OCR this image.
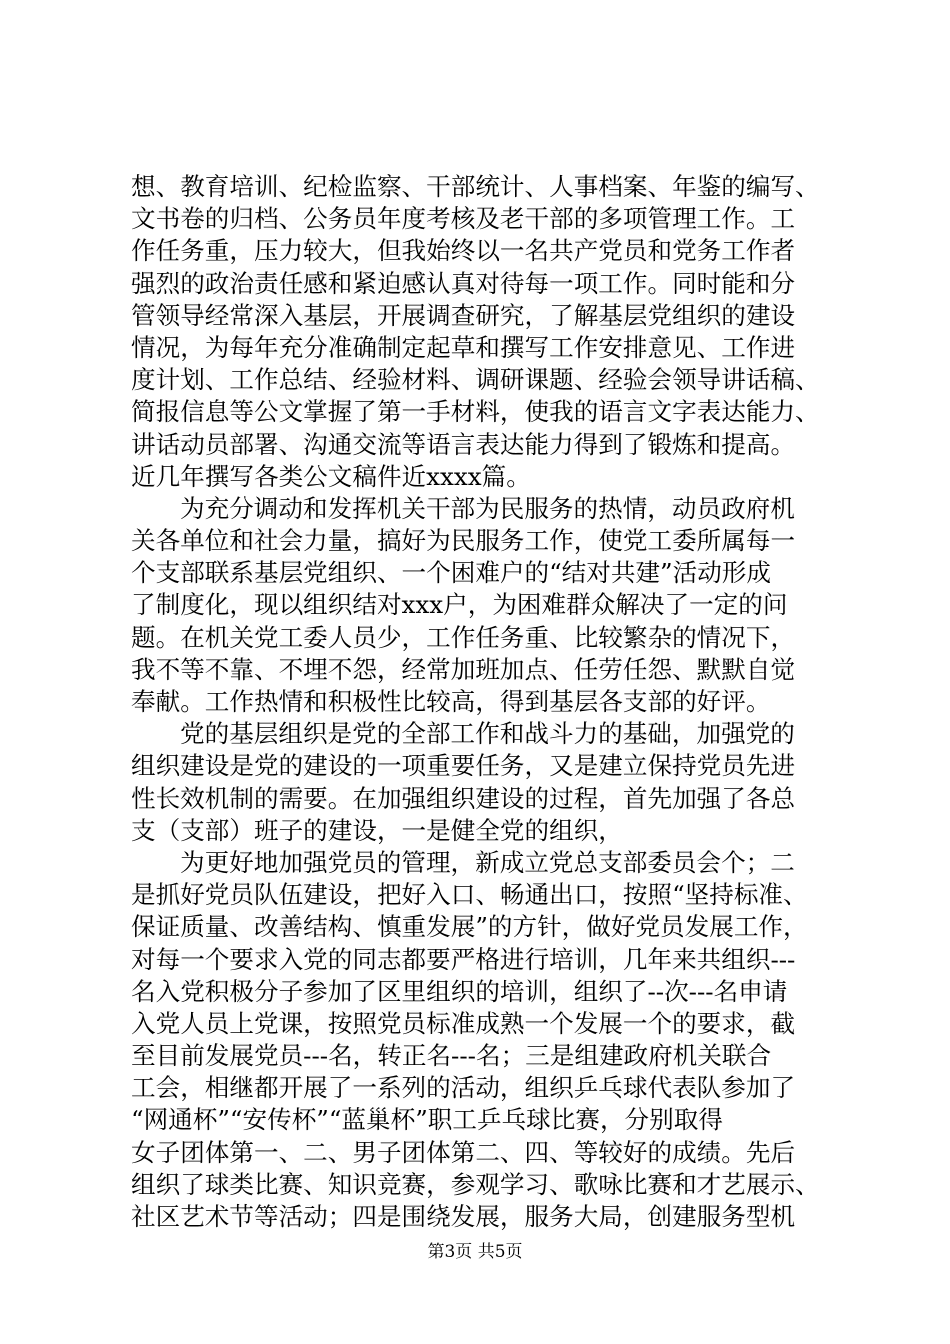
想、教育培训、纪检监察、干部统计、人事档案、年鉴的编写、
文书卷的归档、公务员年度考核及老干部的多项管理工作。工
作任务重，压力较大，但我始终以一名共产党员和党务工作者
强烈的政治责任感和紧迫感认真对待每一项工作。同时能和分
管领导经常深入基层，开展调查研究，了解基层党组织的建设
情况，为每年充分准确制定起草和撰写工作安排意见、工作进
度计划、工作总结、经验材料、调研课题、经验会领导讲话稿、
简报信息等公文掌握了第一手材料，使我的语言文字表达能力、
讲话动员部署、沟通交流等语言表达能力得到了锻炼和提高。
近几年撰写各类公文稿件近xxxx篇。
为充分调动和发挥机关干部为民服务的热情，动员政府机
关各单位和社会力量，搞好为民服务工作，使党工委所属每一
个支部联系基层党组织、一个困难户的“结对共建”活动形成
了制度化，现以组织结对xxx户，为困难群众解决了一定的问
题。在机关党工委人员少，工作任务重、比较繁杂的情况下，
我不等不靠、不埋不怨，经常加班加点、任劳任怨、默默自觉
奉献。工作热情和积极性比较高，得到基层各支部的好评。
党的基层组织是党的全部工作和战斗力的基础，加强党的
组织建设是党的建设的一项重要任务，又是建立保持党员先进
性长效机制的需要。在加强组织建设的过程，首先加强了各总
支（支部）班子的建设，一是健全党的组织，
为更好地加强党员的管理，新成立党总支部委员会个；二
是抓好党员队伍建设，把好入口、畅通出口，按照“坚持标准、
保证质量、改善结构、慎重发展”的方针，做好党员发展工作，
对每一个要求入党的同志都要严格进行培训，几年来共组织---
名入党积极分子参加了区里组织的培训，组织了--次---名申请
入党人员上党课，按照党员标准成熟一个发展一个的要求，截
至目前发展党员---名，转正名---名；三是组建政府机关联合
工会，相继都开展了一系列的活动，组织乒乓球代表队参加了
“网通杯”“安传杯”“蓝巢杯”职工乒乓球比赛，分别取得
女子团体第一、二、男子团体第二、四、等较好的成绩。先后
组织了球类比赛、知识竞赛，参观学习、歌咏比赛和才艺展示、
社区艺术节等活动；四是围绕发展，服务大局，创建服务型机
第3页 共5页
